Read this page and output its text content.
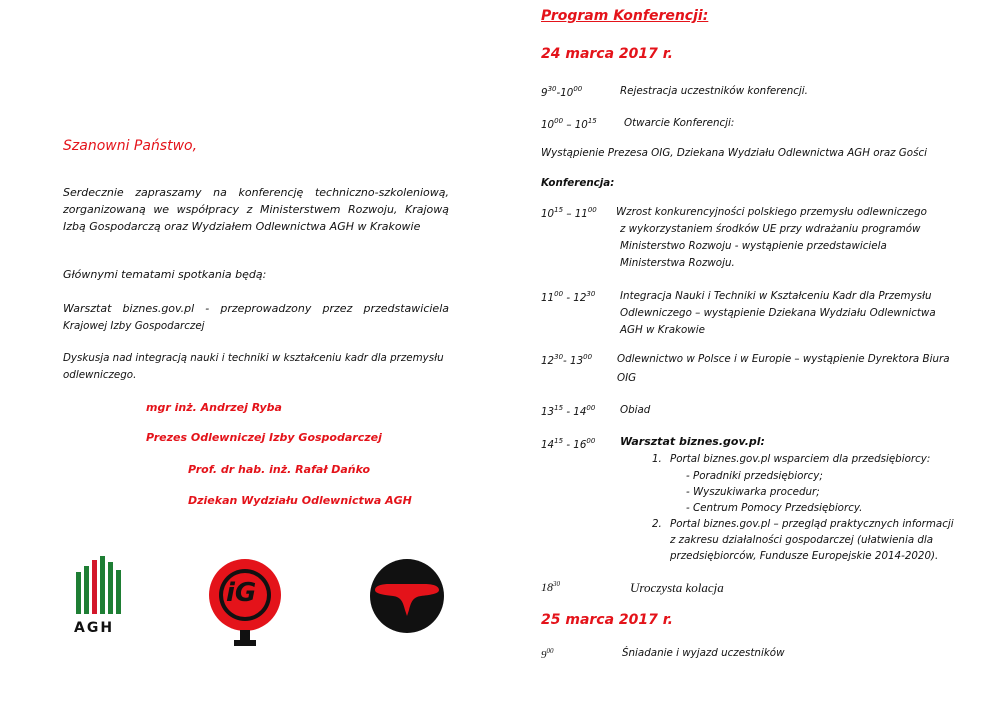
Szanowni Państwo,
Serdecznie zapraszamy na konferencję techniczno-szkoleniową,
zorganizowaną we współpracy z Ministerstwem Rozwoju, Krajową
Izbą Gospodarczą oraz Wydziałem Odlewnictwa AGH w Krakowie
Głównymi tematami spotkania będą:
Warsztat biznes.gov.pl - przeprowadzony przez przedstawiciela
Krajowej Izby Gospodarczej
Dyskusja nad integracją nauki i techniki w kształceniu kadr dla przemysłu
odlewniczego.
mgr inż. Andrzej Ryba
Prezes Odlewniczej Izby Gospodarczej
Prof. dr hab. inż. Rafał Dańko
Dziekan Wydziału Odlewnictwa AGH
AGH
iG
Program Konferencji:
24 marca 2017 r.
$9^{30}-10^{00}$	Rejestracja uczestników konferencji.
$10^{00} - 10^{15}$	Otwarcie Konferencji:
Wystąpienie Prezesa OIG, Dziekana Wydziału Odlewnictwa AGH oraz Gości
Konferencja:
$10^{15} - 11^{00}$ Wzrost konkurencyjności polskiego przemysłu odlewniczego
z wykorzystaniem środków UE przy wdrażaniu programów
Ministerstwo Rozwoju - wystąpienie przedstawiciela
Ministerstwa Rozwoju.
$11^{00} - 12^{30}$ Integracja Nauki i Techniki w Kształceniu Kadr dla Przemysłu
Odlewniczego – wystąpienie Dziekana Wydziału Odlewnictwa
AGH w Krakowie
$12^{30}-$ $13^{00}$ Odlewnictwo w Polsce i w Europie – wystąpienie Dyrektora Biura
OIG
$13^{15} - 14^{00}$ Obiad
$14^{15} - 16^{00}$ Warsztat biznes.gov.pl:
1. Portal biznes.gov.pl wsparciem dla przedsiębiorcy:
- Poradniki przedsiębiorcy;
- Wyszukiwarka procedur;
- Centrum Pomocy Przedsiębiorcy.
2. Portal biznes.gov.pl – przegląd praktycznych informacji
z zakresu działalności gospodarczej (ułatwienia dla
przedsiębiorców, Fundusze Europejskie 2014-2020).
$18^{30}$	Uroczysta kolacja
25 marca 2017 r.
$9^{00}$	Śniadanie i wyjazd uczestników
